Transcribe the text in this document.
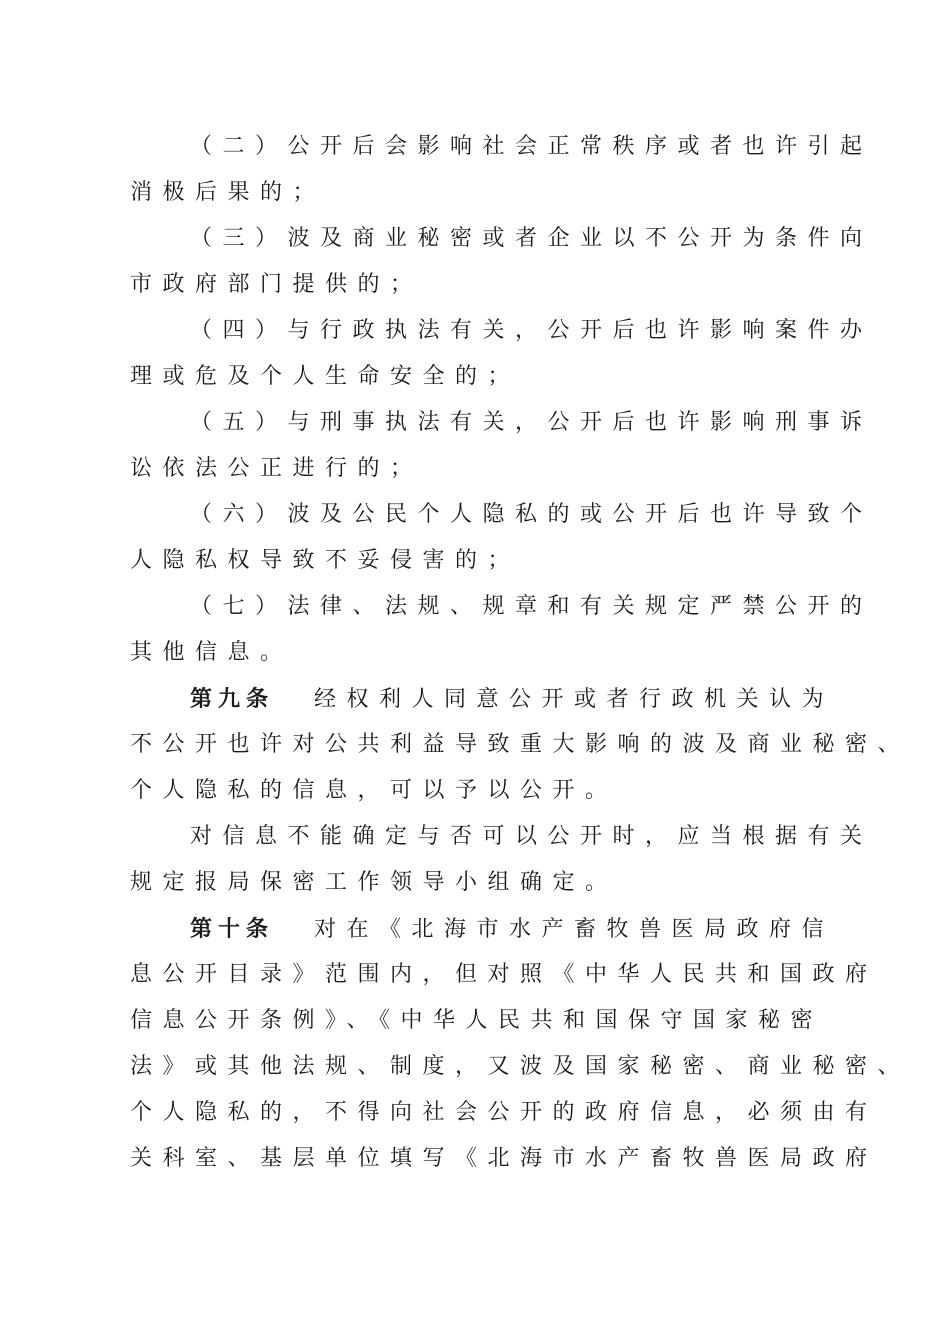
（二）公开后会影响社会正常秩序或者也许引起
消极后果的；
（三）波及商业秘密或者企业以不公开为条件向
市政府部门提供的；
（四）与行政执法有关，公开后也许影响案件办
理或危及个人生命安全的；
（五）与刑事执法有关，公开后也许影响刑事诉
讼依法公正进行的；
（六）波及公民个人隐私的或公开后也许导致个
人隐私权导致不妥侵害的；
（七）法律、法规、规章和有关规定严禁公开的
其他信息。
第九条 经权利人同意公开或者行政机关认为
不公开也许对公共利益导致重大影响的波及商业秘密、
个人隐私的信息，可以予以公开。
对信息不能确定与否可以公开时，应当根据有关
规定报局保密工作领导小组确定。
第十条 对在《北海市水产畜牧兽医局政府信
息公开目录》范围内，但对照《中华人民共和国政府
信息公开条例》、《中华人民共和国保守国家秘密
法》或其他法规、制度，又波及国家秘密、商业秘密、
个人隐私的，不得向社会公开的政府信息，必须由有
关科室、基层单位填写《北海市水产畜牧兽医局政府
